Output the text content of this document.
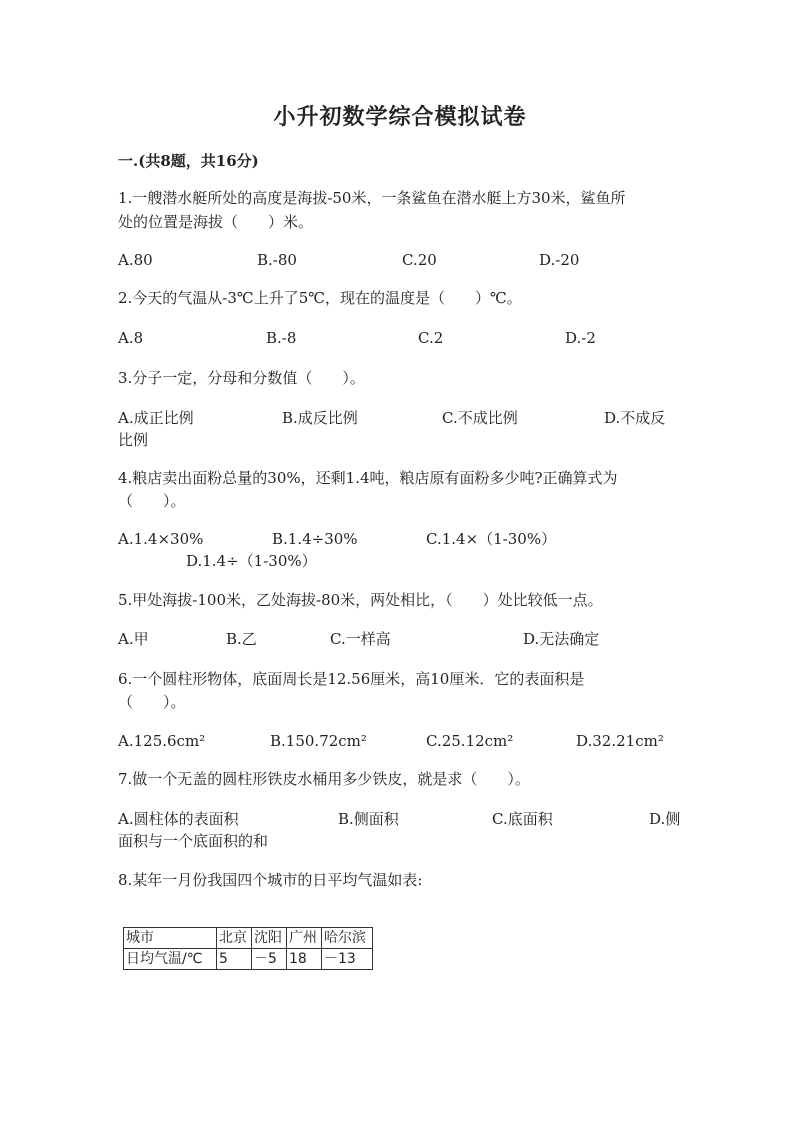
小升初数学综合模拟试卷
一.(共8题，共16分)
1.一艘潜水艇所处的高度是海拔-50米，一条鲨鱼在潜水艇上方30米，鲨鱼所
处的位置是海拔（　　）米。
A.80	B.-80	C.20	D.-20
2.今天的气温从-3℃上升了5℃，现在的温度是（　　）℃。
A.8	B.-8	C.2	D.-2
3.分子一定，分母和分数值（　　）。
A.成正比例	B.成反比例	C.不成比例	D.不成反
比例
4.粮店卖出面粉总量的30%，还剩1.4吨，粮店原有面粉多少吨?正确算式为
（　　）。
A.1.4×30%	B.1.4÷30%	C.1.4×（1-30%）
D.1.4÷（1-30%）
5.甲处海拔-100米，乙处海拔-80米，两处相比，（　　）处比较低一点。
A.甲	B.乙	C.一样高	D.无法确定
6.一个圆柱形物体，底面周长是12.56厘米，高10厘米．它的表面积是
（　　）。
A.125.6cm²	B.150.72cm²	C.25.12cm²	D.32.21cm²
7.做一个无盖的圆柱形铁皮水桶用多少铁皮，就是求（　　）。
A.圆柱体的表面积	B.侧面积	C.底面积	D.侧
面积与一个底面积的和
8.某年一月份我国四个城市的日平均气温如表:
城市	北京	沈阳	广州	哈尔滨
日均气温/℃	5	－5	18	－13
